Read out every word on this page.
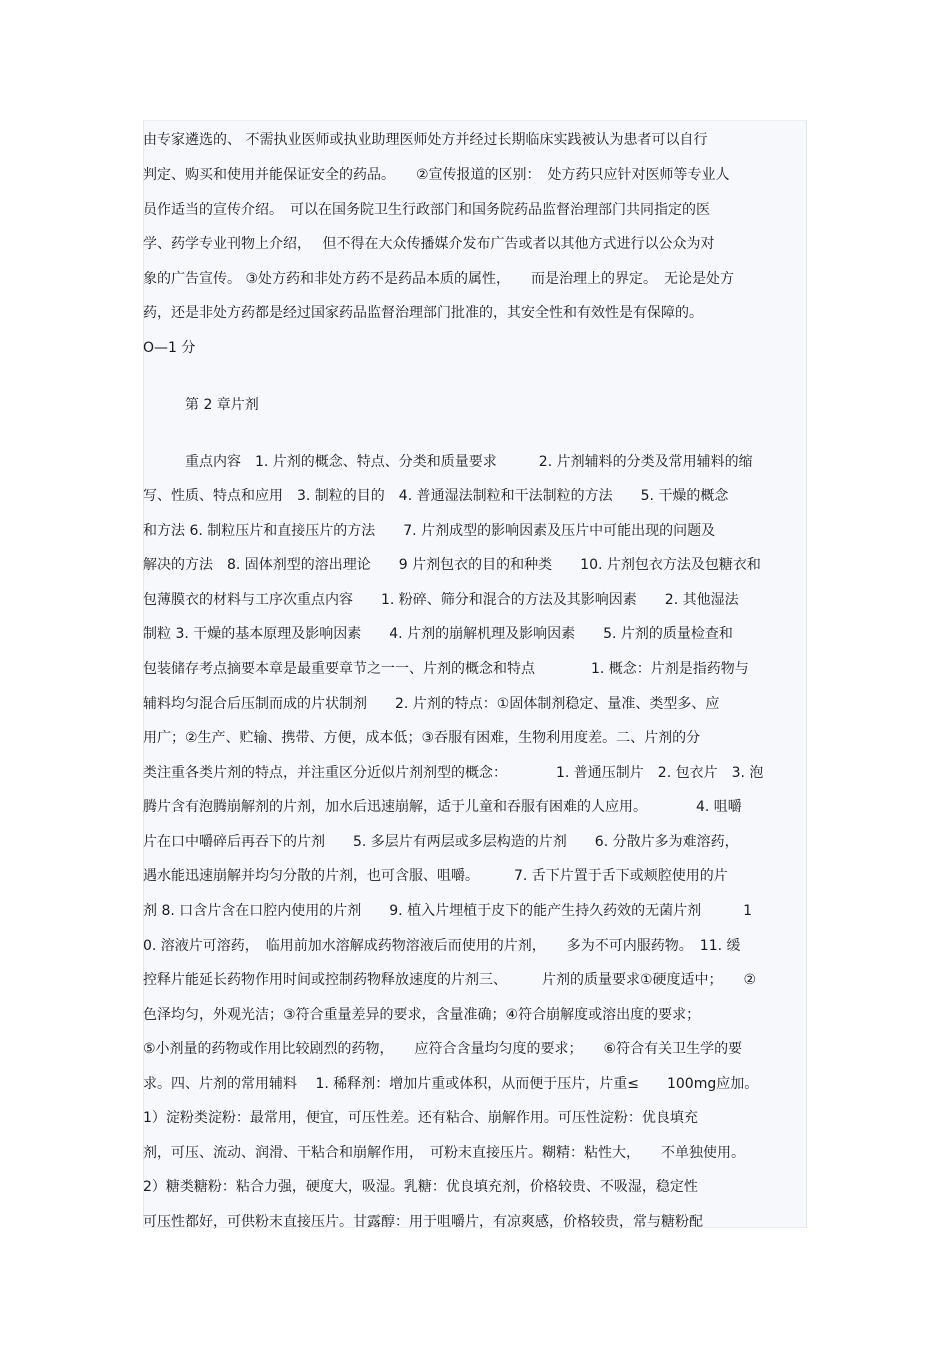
由专家遴选的、 不需执业医师或执业助理医师处方并经过长期临床实践被认为患者可以自行
判定、购买和使用并能保证安全的药品。　　②宣传报道的区别：　处方药只应针对医师等专业人
员作适当的宣传介绍。　可以在国务院卫生行政部门和国务院药品监督治理部门共同指定的医
学、药学专业刊物上介绍，　 但不得在大众传播媒介发布广告或者以其他方式进行以公众为对
象的广告宣传。 ③处方药和非处方药不是药品本质的属性，　　而是治理上的界定。　无论是处方
药，还是非处方药都是经过国家药品监督治理部门批准的，其安全性和有效性是有保障的。
O—1 分
　　　第 2 章片剂
　　　重点内容　1. 片剂的概念、特点、分类和质量要求　　　2. 片剂辅料的分类及常用辅料的缩
写、性质、特点和应用　3. 制粒的目的　4. 普通湿法制粒和干法制粒的方法　　5. 干燥的概念
和方法 6. 制粒压片和直接压片的方法　　7. 片剂成型的影响因素及压片中可能出现的问题及
解决的方法　8. 固体剂型的溶出理论　　9 片剂包衣的目的和种类　　10. 片剂包衣方法及包糖衣和
包薄膜衣的材料与工序次重点内容　　1. 粉碎、筛分和混合的方法及其影响因素　　2. 其他湿法
制粒 3. 干燥的基本原理及影响因素　　4. 片剂的崩解机理及影响因素　　5. 片剂的质量检查和
包装储存考点摘要本章是最重要章节之一一、片剂的概念和特点　　　　1. 概念：片剂是指药物与
辅料均匀混合后压制而成的片状制剂　　2. 片剂的特点：①固体制剂稳定、量准、类型多、应
用广；②生产、贮输、携带、方便，成本低；③吞服有困难，生物利用度差。二、片剂的分
类注重各类片剂的特点，并注重区分近似片剂剂型的概念：　　　　1. 普通压制片　2. 包衣片　3. 泡
腾片含有泡腾崩解剂的片剂，加水后迅速崩解，适于儿童和吞服有困难的人应用。　　　　4. 咀嚼
片在口中嚼碎后再吞下的片剂　　5. 多层片有两层或多层构造的片剂　　6. 分散片多为难溶药，
遇水能迅速崩解并均匀分散的片剂，也可含服、咀嚼。　　　7. 舌下片置于舌下或颊腔使用的片
剂 8. 口含片含在口腔内使用的片剂　　9. 植入片埋植于皮下的能产生持久药效的无菌片剂　　　1
0. 溶液片可溶药，　临用前加水溶解成药物溶液后而使用的片剂，　　多为不可内服药物。　11. 缓
控释片能延长药物作用时间或控制药物释放速度的片剂三、　　　片剂的质量要求①硬度适中；　　②
色泽均匀，外观光洁；③符合重量差异的要求，含量准确；④符合崩解度或溶出度的要求；
⑤小剂量的药物或作用比较剧烈的药物，　　应符合含量均匀度的要求；　　⑥符合有关卫生学的要
求。四、片剂的常用辅料　 1. 稀释剂：增加片重或体积，从而便于压片，片重≤　　100mg应加。
1）淀粉类淀粉：最常用，便宜，可压性差。还有粘合、崩解作用。可压性淀粉：优良填充
剂，可压、流动、润滑、干粘合和崩解作用，　可粉末直接压片。糊精：粘性大，　　不单独使用。
2）糖类糖粉：粘合力强，硬度大，吸湿。乳糖：优良填充剂，价格较贵、不吸湿，稳定性
可压性都好，可供粉末直接压片。甘露醇：用于咀嚼片，有凉爽感，价格较贵，常与糖粉配
